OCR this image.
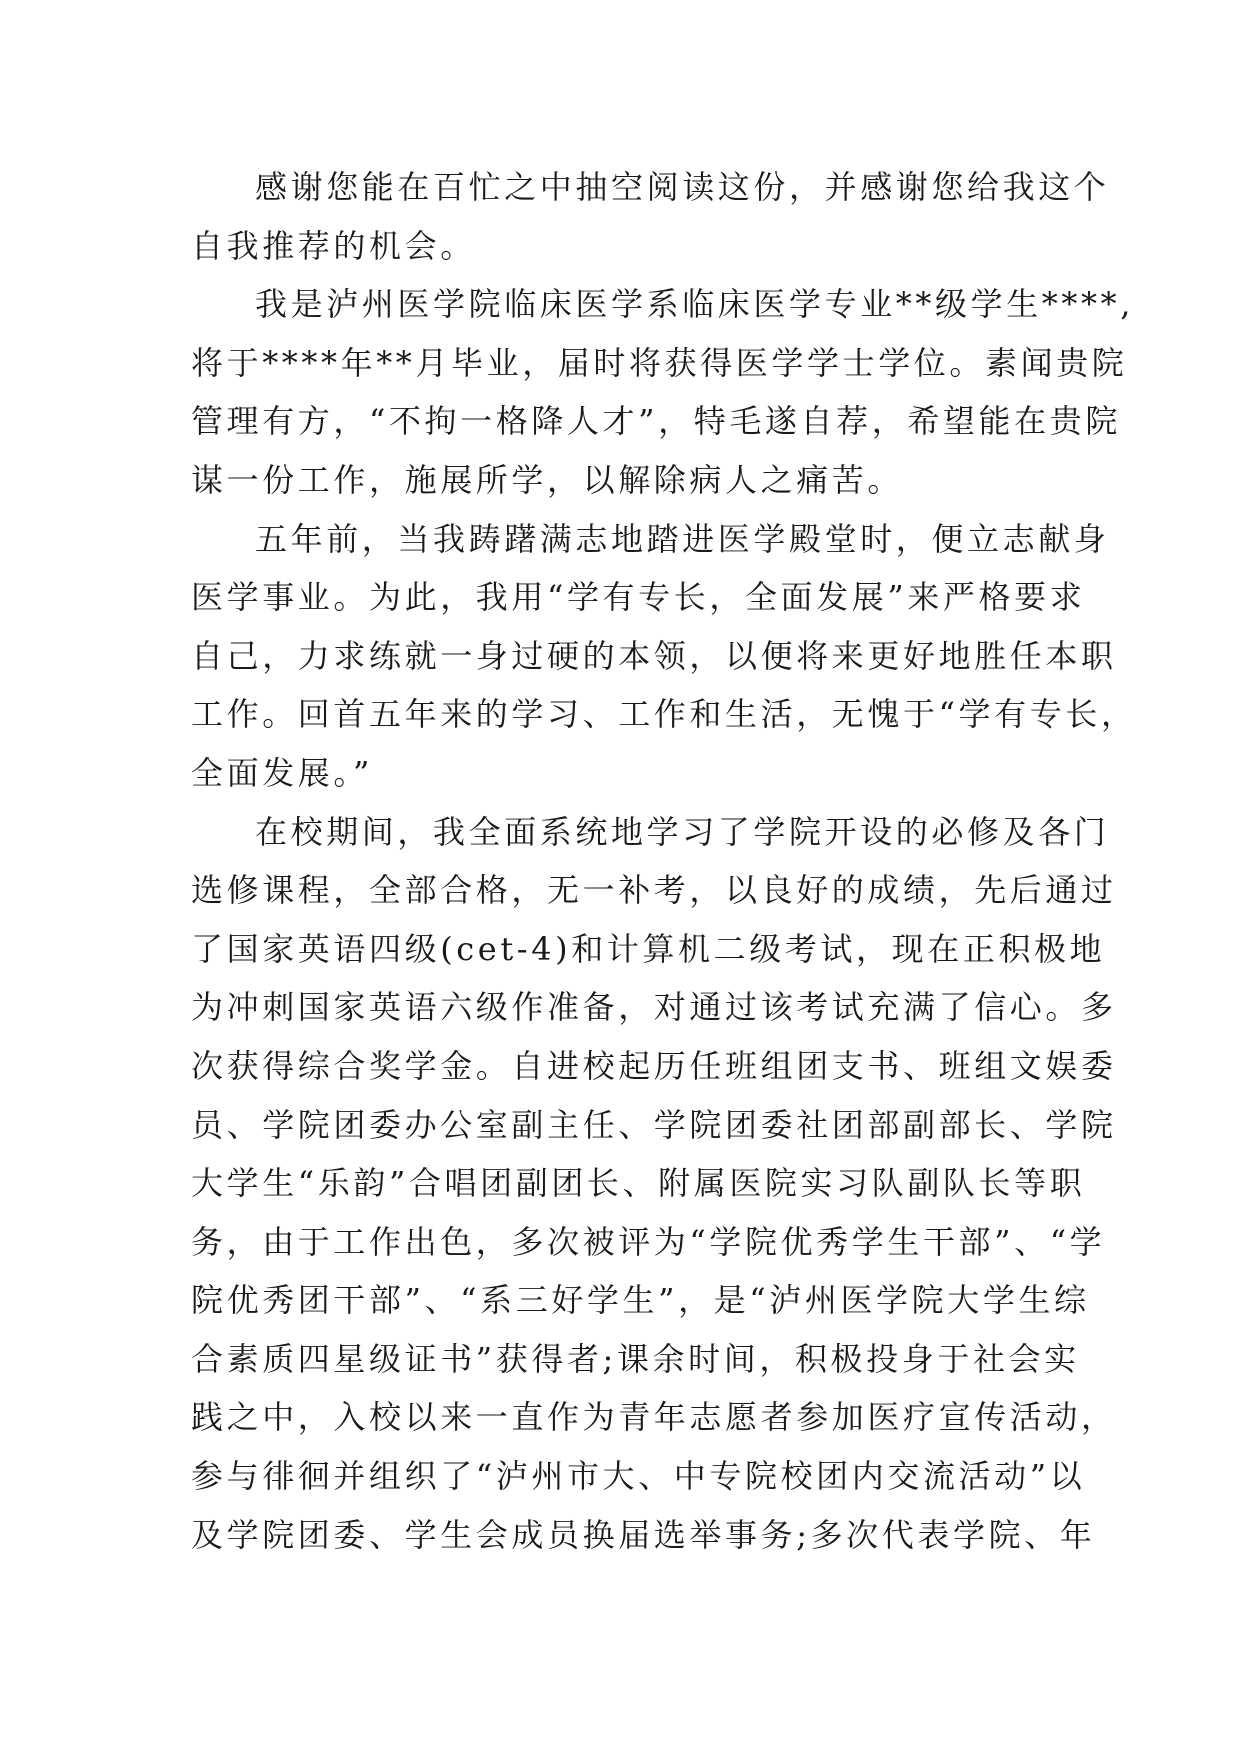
感谢您能在百忙之中抽空阅读这份，并感谢您给我这个
自我推荐的机会。
我是泸州医学院临床医学系临床医学专业**级学生****,
将于****年**月毕业，届时将获得医学学士学位。素闻贵院
管理有方，“不拘一格降人才”，特毛遂自荐，希望能在贵院
谋一份工作，施展所学，以解除病人之痛苦。
五年前，当我踌躇满志地踏进医学殿堂时，便立志献身
医学事业。为此，我用“学有专长，全面发展”来严格要求
自己，力求练就一身过硬的本领，以便将来更好地胜任本职
工作。回首五年来的学习、工作和生活，无愧于“学有专长，
全面发展。”
在校期间，我全面系统地学习了学院开设的必修及各门
选修课程，全部合格，无一补考，以良好的成绩，先后通过
了国家英语四级(cet-4)和计算机二级考试，现在正积极地
为冲刺国家英语六级作准备，对通过该考试充满了信心。多
次获得综合奖学金。自进校起历任班组团支书、班组文娱委
员、学院团委办公室副主任、学院团委社团部副部长、学院
大学生“乐韵”合唱团副团长、附属医院实习队副队长等职
务，由于工作出色，多次被评为“学院优秀学生干部”、“学
院优秀团干部”、“系三好学生”，是“泸州医学院大学生综
合素质四星级证书”获得者;课余时间，积极投身于社会实
践之中，入校以来一直作为青年志愿者参加医疗宣传活动，
参与徘徊并组织了“泸州市大、中专院校团内交流活动”以
及学院团委、学生会成员换届选举事务;多次代表学院、年
